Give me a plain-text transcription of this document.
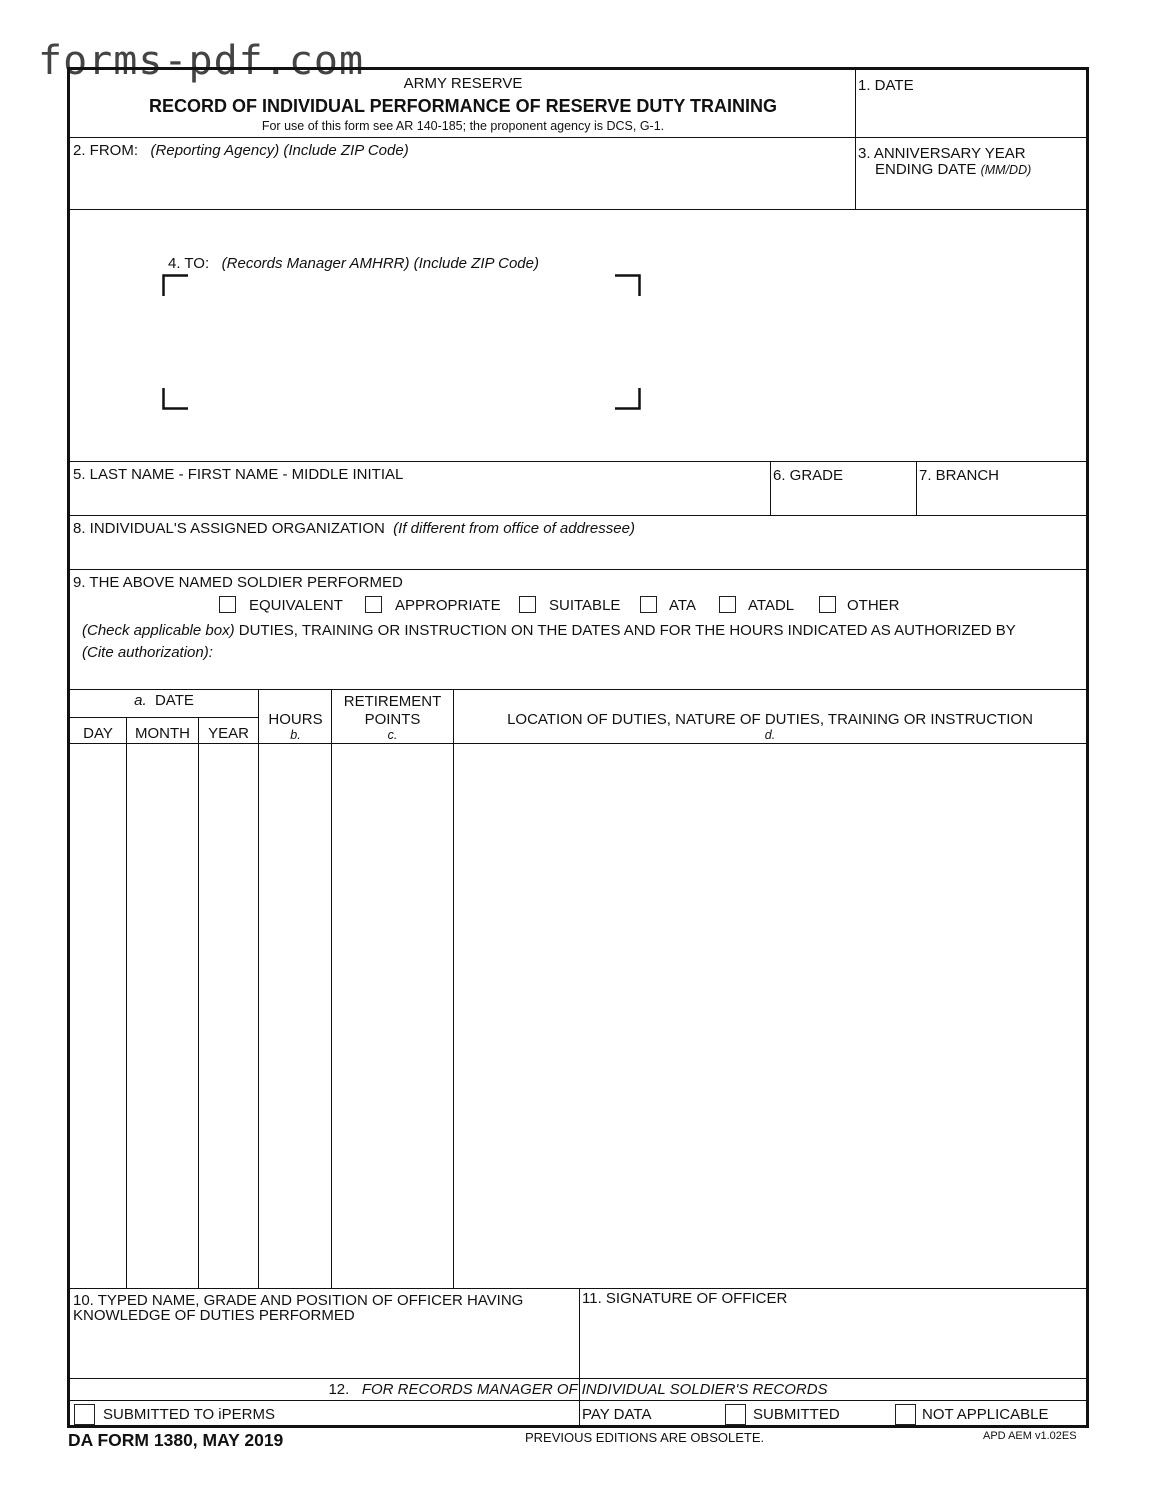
forms-pdf.com	ARMY RESERVE
RECORD OF INDIVIDUAL PERFORMANCE OF RESERVE DUTY TRAINING
For use of this form see AR 140-185; the proponent agency is DCS, G-1.
1. DATE
2. FROM: (Reporting Agency) (Include ZIP Code)	3. ANNIVERSARY YEAR
ENDING DATE (MM/DD)
4. TO: (Records Manager AMHRR) (Include ZIP Code)
5. LAST NAME - FIRST NAME - MIDDLE INITIAL	6. GRADE	7. BRANCH
8. INDIVIDUAL'S ASSIGNED ORGANIZATION (If different from office of addressee)
9. THE ABOVE NAMED SOLDIER PERFORMED
EQUIVALENT	APPROPRIATE	SUITABLE	ATA	ATADL	OTHER
(Check applicable box) DUTIES, TRAINING OR INSTRUCTION ON THE DATES AND FOR THE HOURS INDICATED AS AUTHORIZED BY
(Cite authorization):
a. DATE
DAY	MONTH	YEAR
HOURS
b.
RETIREMENT
POINTS
c.
LOCATION OF DUTIES, NATURE OF DUTIES, TRAINING OR INSTRUCTION
d.
10. TYPED NAME, GRADE AND POSITION OF OFFICER HAVING
KNOWLEDGE OF DUTIES PERFORMED
11. SIGNATURE OF OFFICER
12. FOR RECORDS MANAGER OF INDIVIDUAL SOLDIER'S RECORDS
SUBMITTED TO iPERMS	PAY DATA	SUBMITTED	NOT APPLICABLE
DA FORM 1380, MAY 2019	PREVIOUS EDITIONS ARE OBSOLETE.	APD AEM v1.02ES
